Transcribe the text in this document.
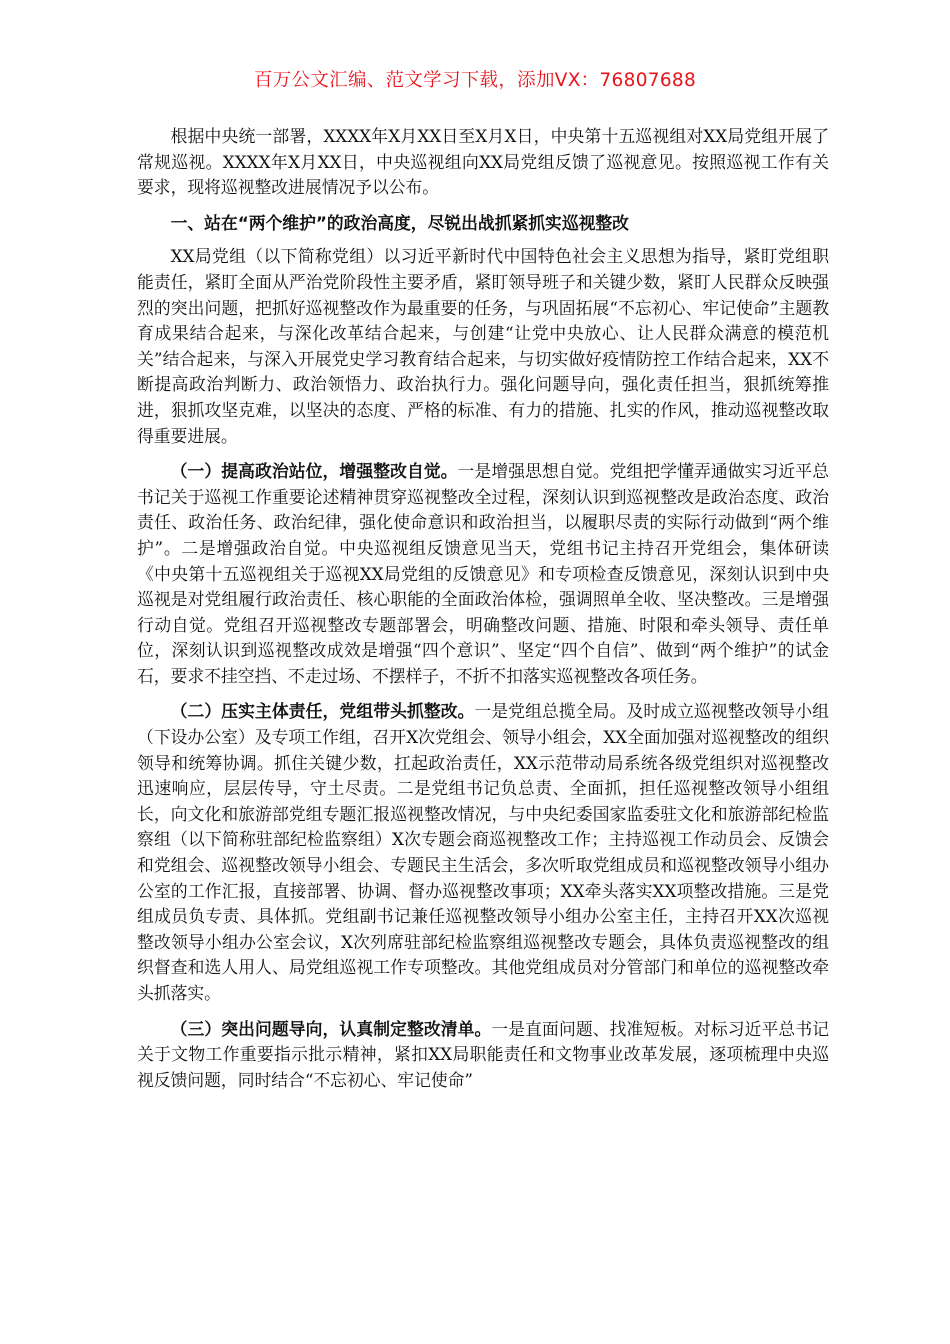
百万公文汇编、范文学习下载，添加VX：76807688

根据中央统一部署，XXXX年X月XX日至X月X日，中央第十五巡视组对XX局党组开展了常规巡视。XXXX年X月XX日，中央巡视组向XX局党组反馈了巡视意见。按照巡视工作有关要求，现将巡视整改进展情况予以公布。

一、站在“两个维护”的政治高度，尽锐出战抓紧抓实巡视整改

XX局党组（以下简称党组）以习近平新时代中国特色社会主义思想为指导，紧盯党组职能责任，紧盯全面从严治党阶段性主要矛盾，紧盯领导班子和关键少数，紧盯人民群众反映强烈的突出问题，把抓好巡视整改作为最重要的任务，与巩固拓展“不忘初心、牢记使命”主题教育成果结合起来，与深化改革结合起来，与创建“让党中央放心、让人民群众满意的模范机关”结合起来，与深入开展党史学习教育结合起来，与切实做好疫情防控工作结合起来，XX不断提高政治判断力、政治领悟力、政治执行力。强化问题导向，强化责任担当，狠抓统筹推进，狠抓攻坚克难，以坚决的态度、严格的标准、有力的措施、扎实的作风，推动巡视整改取得重要进展。

（一）提高政治站位，增强整改自觉。一是增强思想自觉。党组把学懂弄通做实习近平总书记关于巡视工作重要论述精神贯穿巡视整改全过程，深刻认识到巡视整改是政治态度、政治责任、政治任务、政治纪律，强化使命意识和政治担当，以履职尽责的实际行动做到“两个维护”。二是增强政治自觉。中央巡视组反馈意见当天，党组书记主持召开党组会，集体研读《中央第十五巡视组关于巡视XX局党组的反馈意见》和专项检查反馈意见，深刻认识到中央巡视是对党组履行政治责任、核心职能的全面政治体检，强调照单全收、坚决整改。三是增强行动自觉。党组召开巡视整改专题部署会，明确整改问题、措施、时限和牵头领导、责任单位，深刻认识到巡视整改成效是增强“四个意识”、坚定“四个自信”、做到“两个维护”的试金石，要求不挂空挡、不走过场、不摆样子，不折不扣落实巡视整改各项任务。

（二）压实主体责任，党组带头抓整改。一是党组总揽全局。及时成立巡视整改领导小组（下设办公室）及专项工作组，召开X次党组会、领导小组会，XX全面加强对巡视整改的组织领导和统筹协调。抓住关键少数，扛起政治责任，XX示范带动局系统各级党组织对巡视整改迅速响应，层层传导，守土尽责。二是党组书记负总责、全面抓，担任巡视整改领导小组组长，向文化和旅游部党组专题汇报巡视整改情况，与中央纪委国家监委驻文化和旅游部纪检监察组（以下简称驻部纪检监察组）X次专题会商巡视整改工作；主持巡视工作动员会、反馈会和党组会、巡视整改领导小组会、专题民主生活会，多次听取党组成员和巡视整改领导小组办公室的工作汇报，直接部署、协调、督办巡视整改事项；XX牵头落实XX项整改措施。三是党组成员负专责、具体抓。党组副书记兼任巡视整改领导小组办公室主任，主持召开XX次巡视整改领导小组办公室会议，X次列席驻部纪检监察组巡视整改专题会，具体负责巡视整改的组织督查和选人用人、局党组巡视工作专项整改。其他党组成员对分管部门和单位的巡视整改牵头抓落实。

（三）突出问题导向，认真制定整改清单。一是直面问题、找准短板。对标习近平总书记关于文物工作重要指示批示精神，紧扣XX局职能责任和文物事业改革发展，逐项梳理中央巡视反馈问题，同时结合“不忘初心、牢记使命”
